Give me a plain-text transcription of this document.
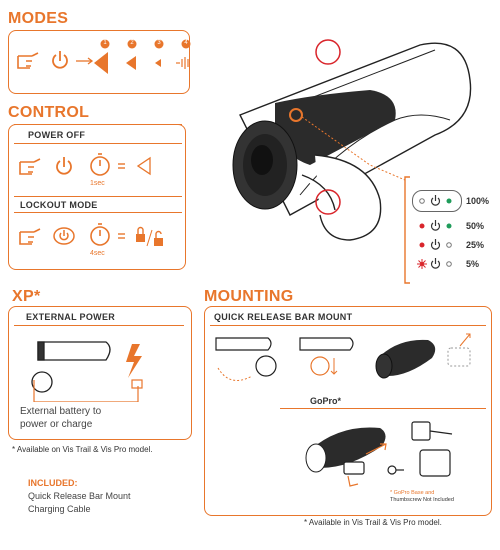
MODES
1	2	3	4
CONTROL
POWER OFF
1sec
LOCKOUT MODE
4sec
100%
50%
25%
5%
XP*
EXTERNAL POWER
External battery to
power or charge
* Available on Vis Trail & Vis Pro model.
INCLUDED:
Quick Release Bar Mount
Charging Cable
MOUNTING
QUICK RELEASE BAR MOUNT
GoPro*
* GoPro Base and
Thumbscrew Not Included
* Available in Vis Trail & Vis Pro model.
